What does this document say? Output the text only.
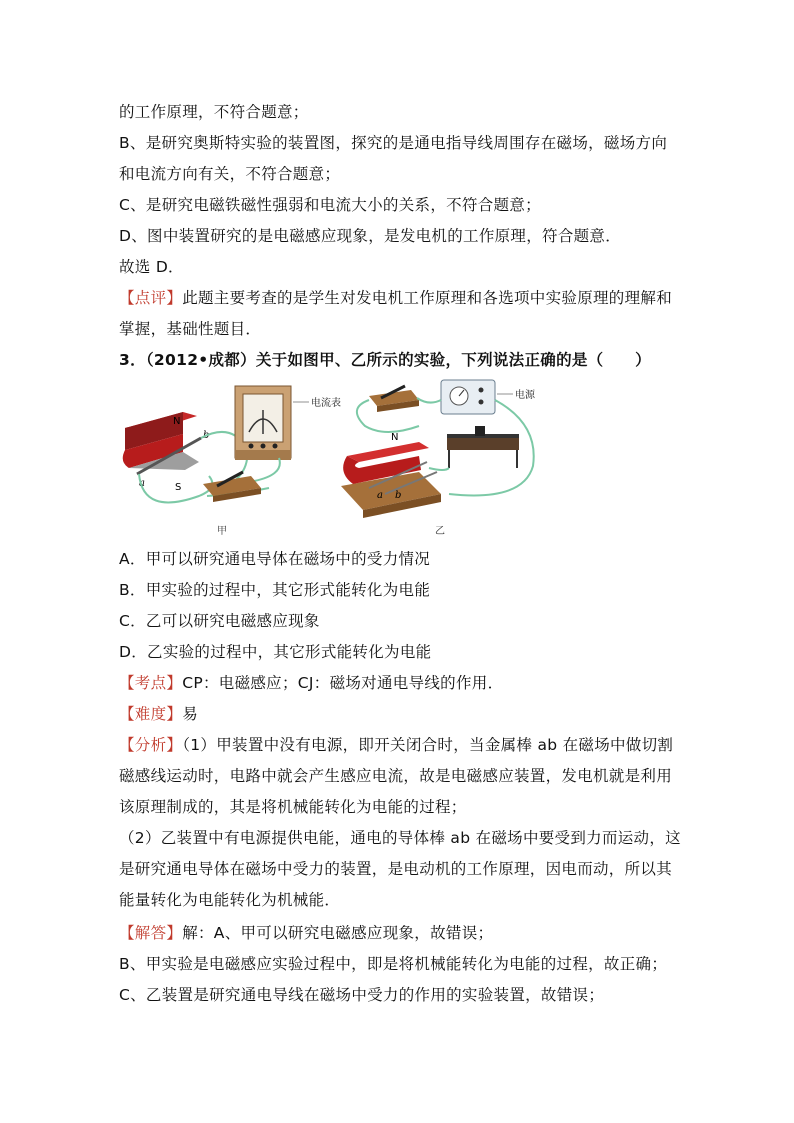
的工作原理，不符合题意；
B、是研究奥斯特实验的装置图，探究的是通电指导线周围存在磁场，磁场方向
和电流方向有关，不符合题意；
C、是研究电磁铁磁性强弱和电流大小的关系，不符合题意；
D、图中装置研究的是电磁感应现象，是发电机的工作原理，符合题意．
故选 D．
【点评】此题主要考查的是学生对发电机工作原理和各选项中实验原理的理解和
掌握，基础性题目．
3．（2012•成都）关于如图甲、乙所示的实验，下列说法正确的是（　　）
N
S
a
b
电流表
甲
电源
N
a b
乙
A．甲可以研究通电导体在磁场中的受力情况
B．甲实验的过程中，其它形式能转化为电能
C．乙可以研究电磁感应现象
D．乙实验的过程中，其它形式能转化为电能
【考点】CP：电磁感应；CJ：磁场对通电导线的作用．
【难度】易
【分析】（1）甲装置中没有电源，即开关闭合时，当金属棒 ab 在磁场中做切割
磁感线运动时，电路中就会产生感应电流，故是电磁感应装置，发电机就是利用
该原理制成的，其是将机械能转化为电能的过程；
（2）乙装置中有电源提供电能，通电的导体棒 ab 在磁场中要受到力而运动，这
是研究通电导体在磁场中受力的装置，是电动机的工作原理，因电而动，所以其
能量转化为电能转化为机械能．
【解答】解：A、甲可以研究电磁感应现象，故错误；
B、甲实验是电磁感应实验过程中，即是将机械能转化为电能的过程，故正确；
C、乙装置是研究通电导线在磁场中受力的作用的实验装置，故错误；
